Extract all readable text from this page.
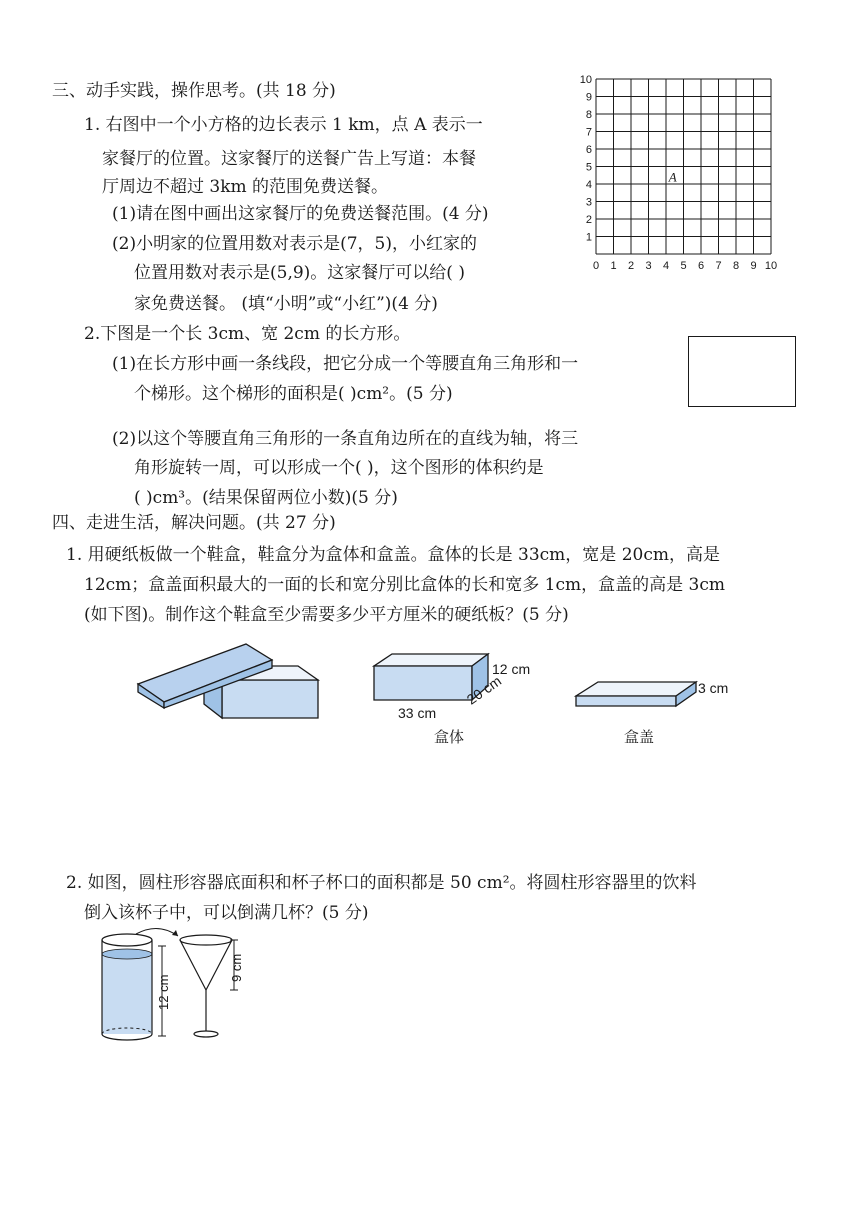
三、动手实践，操作思考。(共 18 分)
1. 右图中一个小方格的边长表示 1 km，点 A 表示一
家餐厅的位置。这家餐厅的送餐广告上写道：本餐
厅周边不超过 3km 的范围免费送餐。
(1)请在图中画出这家餐厅的免费送餐范围。(4 分)
(2)小明家的位置用数对表示是(7，5)，小红家的
位置用数对表示是(5,9)。这家餐厅可以给( )
家免费送餐。 (填“小明”或“小红”)(4 分)
0 1 2 3 4 5 6 7 8 9 10
1
2
3
4
5
6
7
8
9
10
A
2.下图是一个长 3cm、宽 2cm 的长方形。
(1)在长方形中画一条线段，把它分成一个等腰直角三角形和一
个梯形。这个梯形的面积是( )cm²。(5 分)
(2)以这个等腰直角三角形的一条直角边所在的直线为轴，将三
角形旋转一周，可以形成一个( )，这个图形的体积约是
( )cm³。(结果保留两位小数)(5 分)
四、走进生活，解决问题。(共 27 分)
1. 用硬纸板做一个鞋盒，鞋盒分为盒体和盒盖。盒体的长是 33cm，宽是 20cm，高是
12cm；盒盖面积最大的一面的长和宽分别比盒体的长和宽多 1cm，盒盖的高是 3cm
(如下图)。制作这个鞋盒至少需要多少平方厘米的硬纸板？(5 分)
12 cm
33 cm
20 cm
盒体
3 cm
盒盖
2. 如图，圆柱形容器底面积和杯子杯口的面积都是 50 cm²。将圆柱形容器里的饮料
倒入该杯子中，可以倒满几杯？(5 分)
12 cm
9 cm
